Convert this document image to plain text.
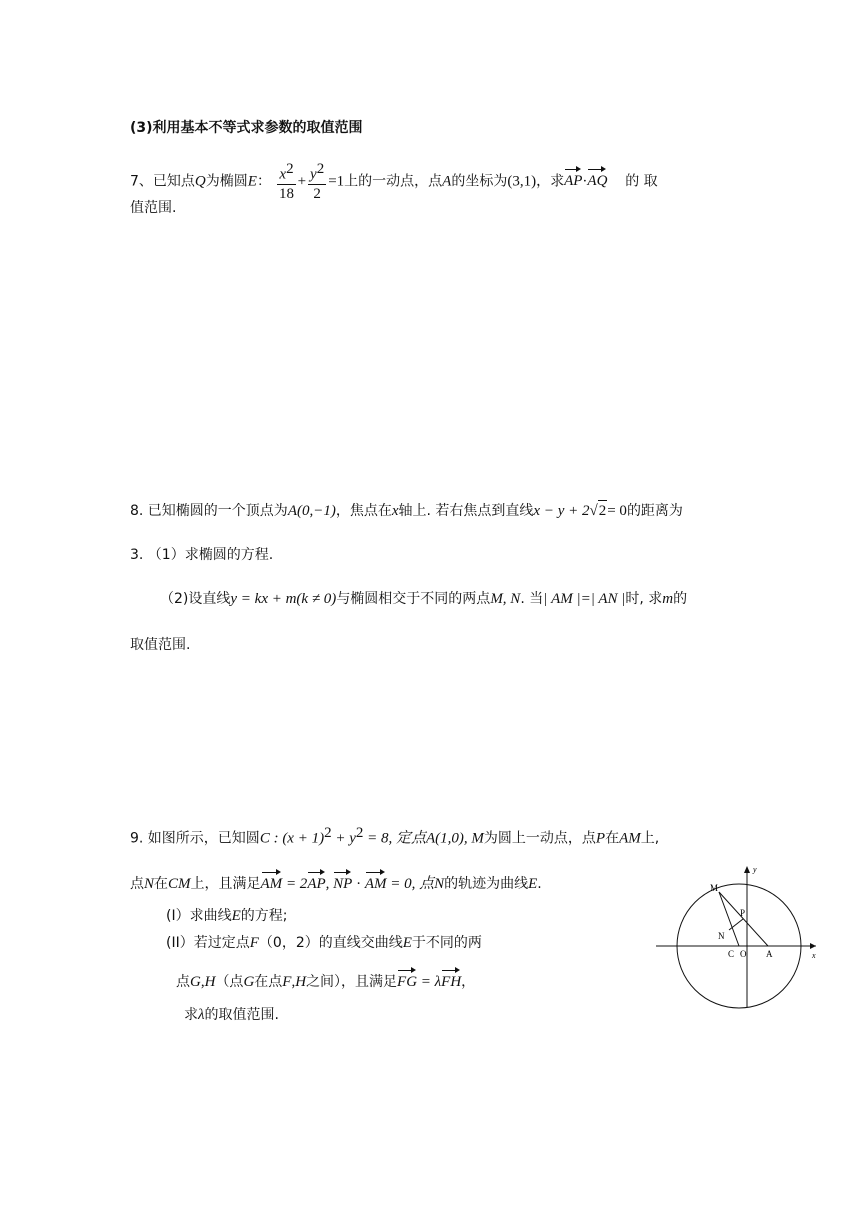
(3)利用基本不等式求参数的取值范围
7、已知点Q为椭圆E： $\frac{x^2}{18} + \frac{y^2}{2} =1$上的一动点，点A的坐标为(3,1)，求AP·AQ 的 取
值范围.
8. 已知椭圆的一个顶点为A(0,−1)，焦点在x轴上. 若右焦点到直线x − y + 2√2= 0的距离为
3. （1）求椭圆的方程.
（2)设直线y = kx + m(k ≠ 0)与椭圆相交于不同的两点M, N. 当| AM |=| AN |时, 求m的
取值范围.
9. 如图所示，已知圆C : $(x + 1)^2 + y^2 = 8$, 定点A(1,0), M为圆上一动点，点P在AM上,
点N在CM上，且满足AM = 2AP, NP · AM = 0, 点N的轨迹为曲线E.
(I）求曲线E的方程;
(II）若过定点F（0，2）的直线交曲线E于不同的两
点G,H（点G在点F,H之间），且满足FG = λFH，
求λ的取值范围.
M
P
N
C O A	x
y
